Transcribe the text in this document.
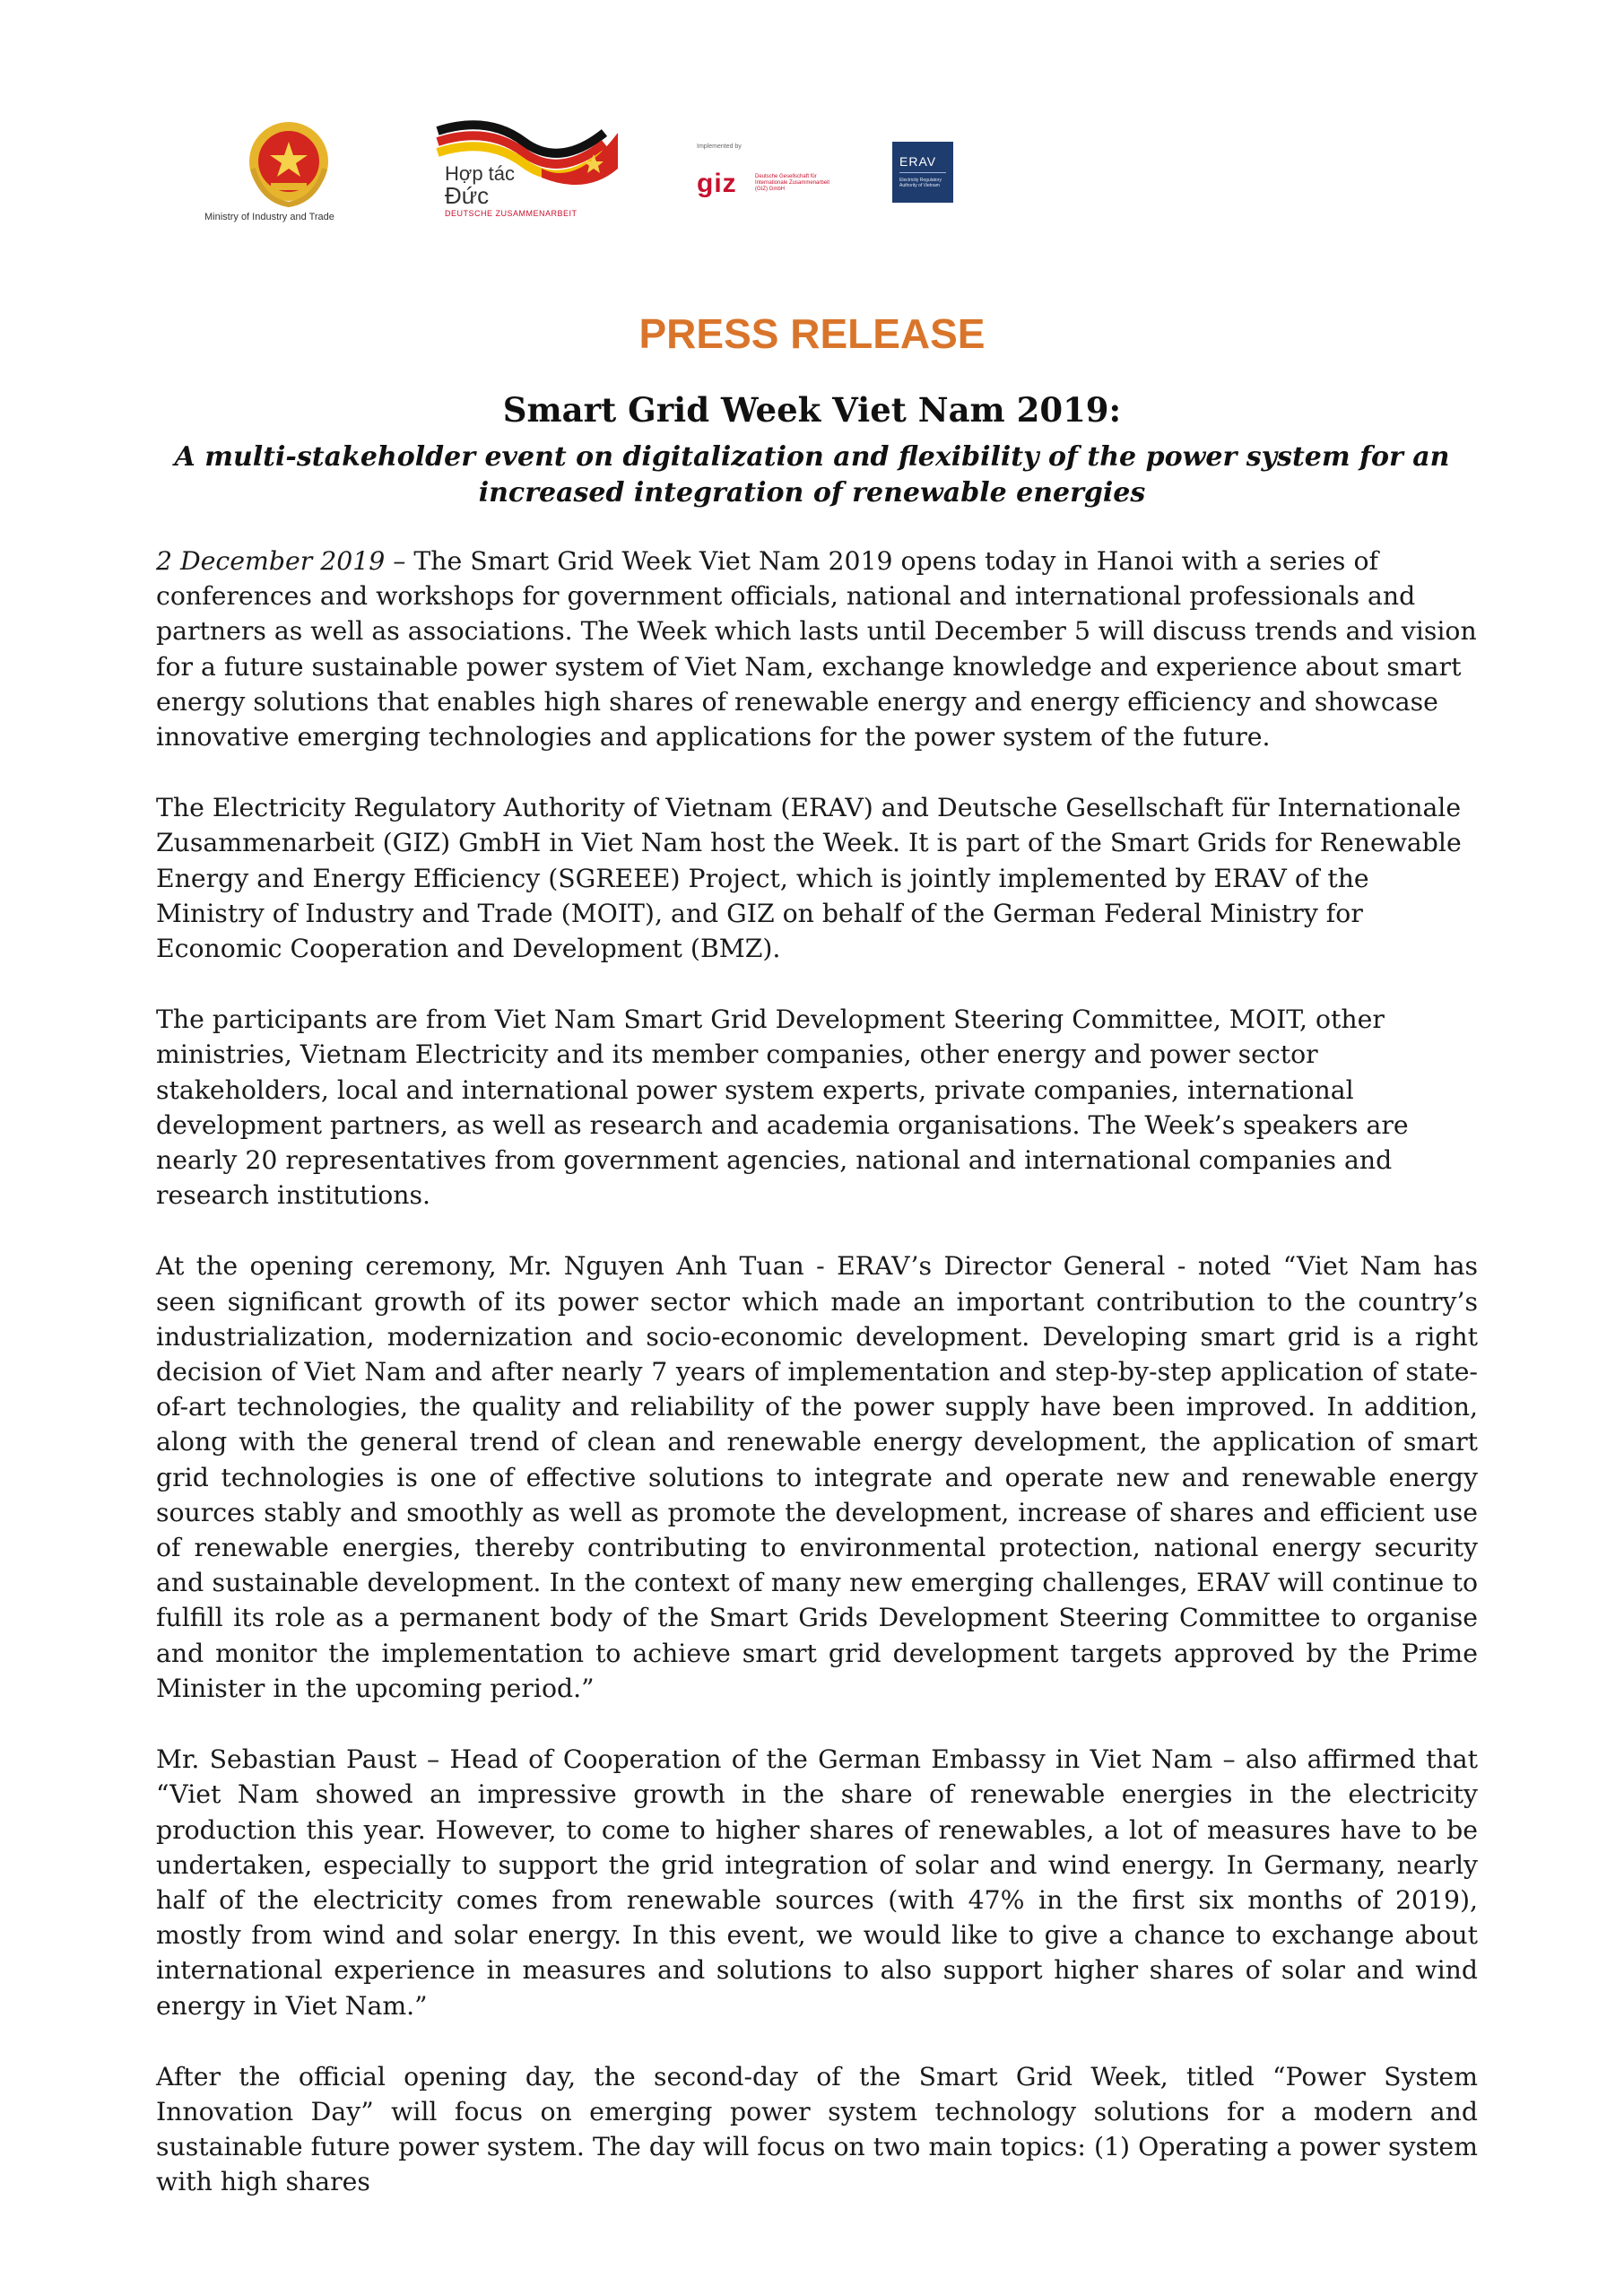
Ministry of Industry and Trade
Hợp tác
Đức
DEUTSCHE ZUSAMMENARBEIT
Implemented by
giz	Deutsche Gesellschaft für Internationale Zusammenarbeit (GIZ) GmbH
ERAV
Electricity Regulatory Authority of Vietnam
PRESS RELEASE
Smart Grid Week Viet Nam 2019:
A multi-stakeholder event on digitalization and flexibility of the power system for an increased integration of renewable energies

2 December 2019 – The Smart Grid Week Viet Nam 2019 opens today in Hanoi with a series of conferences and workshops for government officials, national and international professionals and partners as well as associations. The Week which lasts until December 5 will discuss trends and vision for a future sustainable power system of Viet Nam, exchange knowledge and experience about smart energy solutions that enables high shares of renewable energy and energy efficiency and showcase innovative emerging technologies and applications for the power system of the future.

The Electricity Regulatory Authority of Vietnam (ERAV) and Deutsche Gesellschaft für Internationale Zusammenarbeit (GIZ) GmbH in Viet Nam host the Week. It is part of the Smart Grids for Renewable Energy and Energy Efficiency (SGREEE) Project, which is jointly implemented by ERAV of the Ministry of Industry and Trade (MOIT), and GIZ on behalf of the German Federal Ministry for Economic Cooperation and Development (BMZ).

The participants are from Viet Nam Smart Grid Development Steering Committee, MOIT, other ministries, Vietnam Electricity and its member companies, other energy and power sector stakeholders, local and international power system experts, private companies, international development partners, as well as research and academia organisations. The Week’s speakers are nearly 20 representatives from government agencies, national and international companies and research institutions.

At the opening ceremony, Mr. Nguyen Anh Tuan - ERAV’s Director General - noted “Viet Nam has seen significant growth of its power sector which made an important contribution to the country’s industrialization, modernization and socio-economic development. Developing smart grid is a right decision of Viet Nam and after nearly 7 years of implementation and step-by-step application of state-of-art technologies, the quality and reliability of the power supply have been improved. In addition, along with the general trend of clean and renewable energy development, the application of smart grid technologies is one of effective solutions to integrate and operate new and renewable energy sources stably and smoothly as well as promote the development, increase of shares and efficient use of renewable energies, thereby contributing to environmental protection, national energy security and sustainable development. In the context of many new emerging challenges, ERAV will continue to fulfill its role as a permanent body of the Smart Grids Development Steering Committee to organise and monitor the implementation to achieve smart grid development targets approved by the Prime Minister in the upcoming period.”

Mr. Sebastian Paust – Head of Cooperation of the German Embassy in Viet Nam – also affirmed that “Viet Nam showed an impressive growth in the share of renewable energies in the electricity production this year. However, to come to higher shares of renewables, a lot of measures have to be undertaken, especially to support the grid integration of solar and wind energy. In Germany, nearly half of the electricity comes from renewable sources (with 47% in the first six months of 2019), mostly from wind and solar energy. In this event, we would like to give a chance to exchange about international experience in measures and solutions to also support higher shares of solar and wind energy in Viet Nam.”

After the official opening day, the second-day of the Smart Grid Week, titled “Power System Innovation Day” will focus on emerging power system technology solutions for a modern and sustainable future power system. The day will focus on two main topics: (1) Operating a power system with high shares
